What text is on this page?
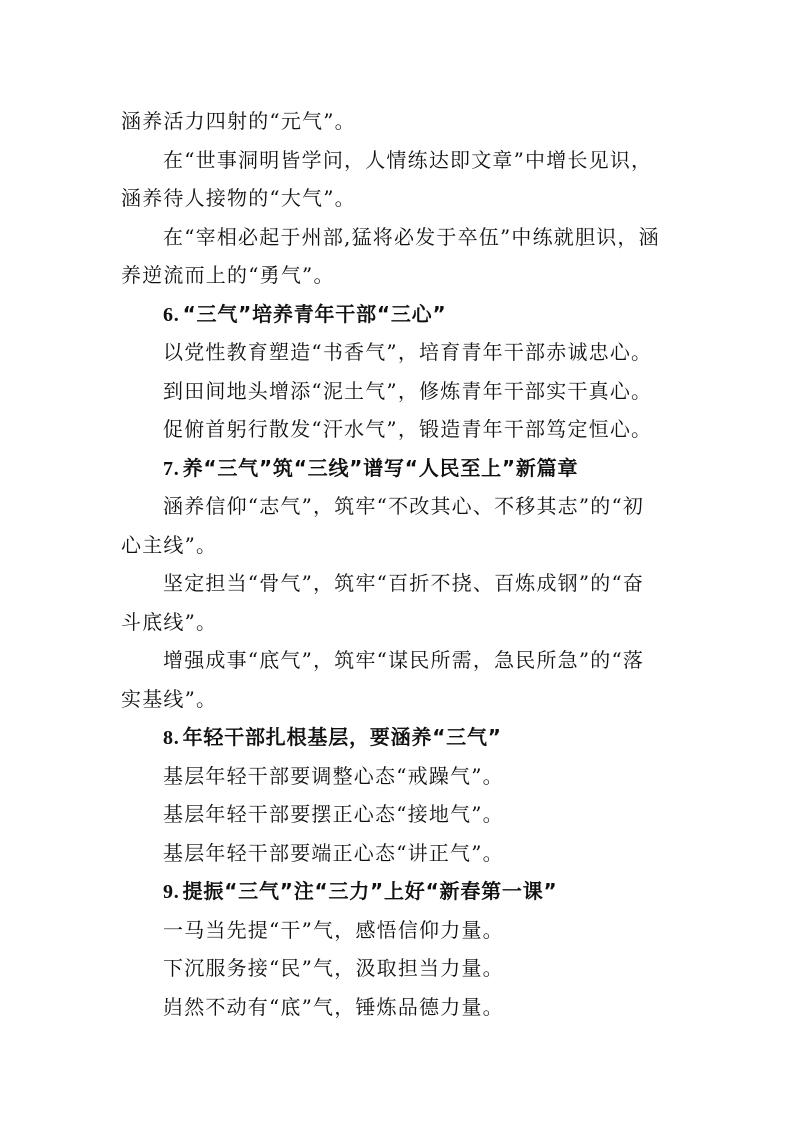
涵养活力四射的“元气”。
在“世事洞明皆学问，人情练达即文章”中增长见识，
涵养待人接物的“大气”。
在“宰相必起于州部,猛将必发于卒伍”中练就胆识，涵
养逆流而上的“勇气”。
6. “三气”培养青年干部“三心”
以党性教育塑造“书香气”，培育青年干部赤诚忠心。
到田间地头增添“泥土气”，修炼青年干部实干真心。
促俯首躬行散发“汗水气”，锻造青年干部笃定恒心。
7. 养“三气”筑“三线”谱写“人民至上”新篇章
涵养信仰“志气”，筑牢“不改其心、不移其志”的“初
心主线”。
坚定担当“骨气”，筑牢“百折不挠、百炼成钢”的“奋
斗底线”。
增强成事“底气”，筑牢“谋民所需，急民所急”的“落
实基线”。
8. 年轻干部扎根基层，要涵养“三气”
基层年轻干部要调整心态“戒躁气”。
基层年轻干部要摆正心态“接地气”。
基层年轻干部要端正心态“讲正气”。
9. 提振“三气”注“三力”上好“新春第一课”
一马当先提“干”气，感悟信仰力量。
下沉服务接“民”气，汲取担当力量。
岿然不动有“底”气，锤炼品德力量。
